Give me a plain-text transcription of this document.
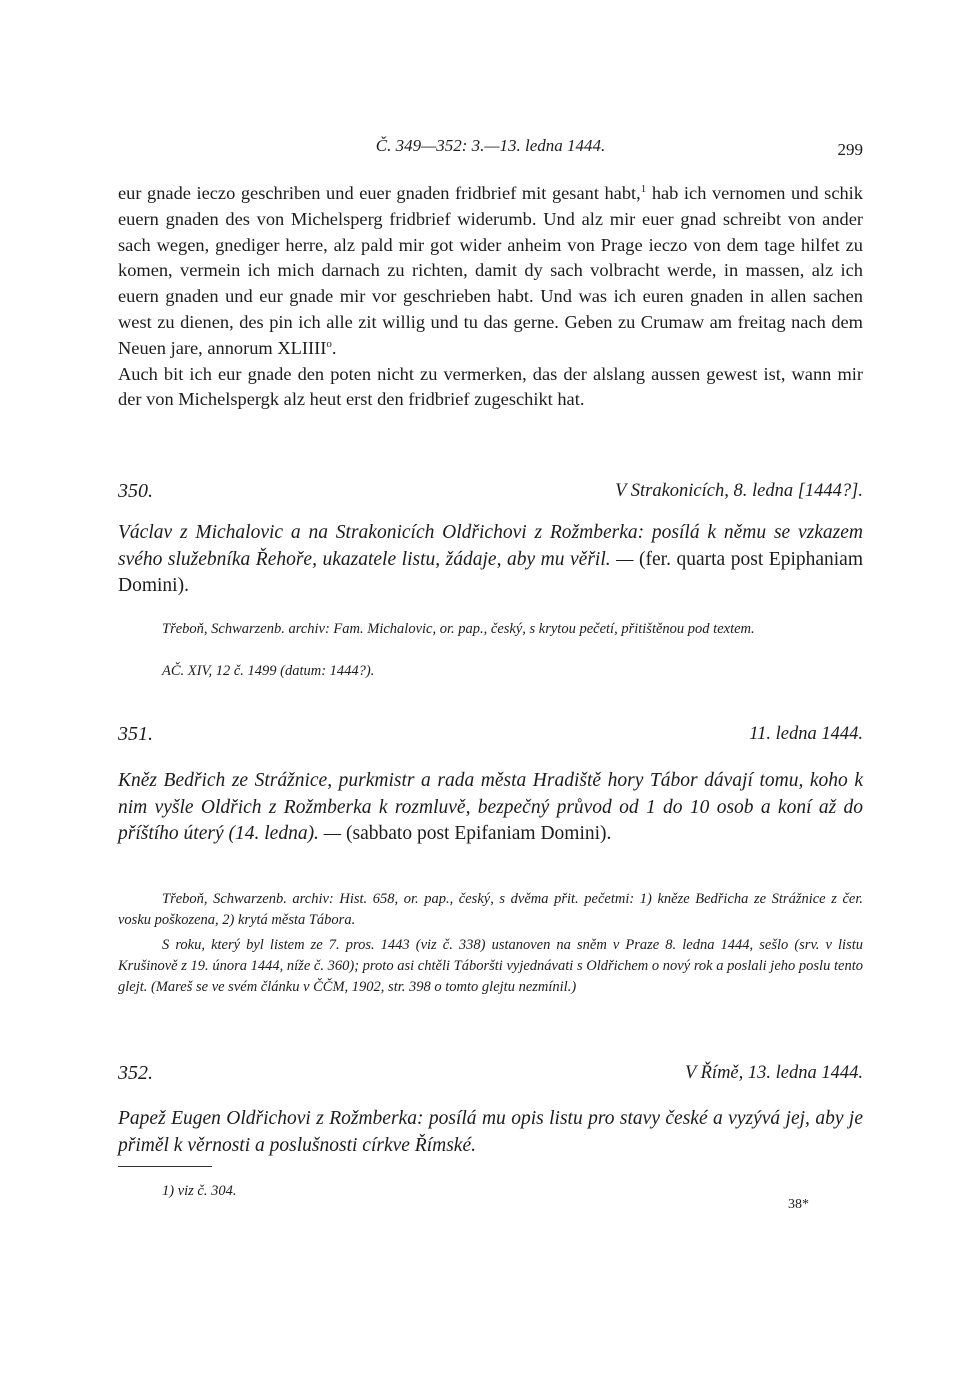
Č. 349—352: 3.—13. ledna 1444.	299

eur gnade ieczo geschriben und euer gnaden fridbrief mit gesant habt,$^1$ hab ich vernomen und schik euern gnaden des von Michelsperg fridbrief widerumb. Und alz mir euer gnad schreibt von ander sach wegen, gnediger herre, alz pald mir got wider anheim von Prage ieczo von dem tage hilfet zu komen, vermein ich mich darnach zu richten, damit dy sach volbracht werde, in massen, alz ich euern gnaden und eur gnade mir vor geschrieben habt. Und was ich euren gnaden in allen sachen west zu dienen, des pin ich alle zit willig und tu das gerne. Geben zu Crumaw am freitag nach dem Neuen jare, annorum XLIIII$^o$.
Auch bit ich eur gnade den poten nicht zu vermerken, das der alslang aussen gewest ist, wann mir der von Michelspergk alz heut erst den fridbrief zugeschikt hat.

350.	V Strakonicích, 8. ledna [1444?].

Václav z Michalovic a na Strakonicích Oldřichovi z Rožmberka: posílá k němu se vzkazem svého služebníka Řehoře, ukazatele listu, žádaje, aby mu věřil. — (fer. quarta post Epiphaniam Domini).

Třeboň, Schwarzenb. archiv: Fam. Michalovic, or. pap., český, s krytou pečetí, přitištěnou pod textem.

AČ. XIV, 12 č. 1499 (datum: 1444?).

351.	11. ledna 1444.

Kněz Bedřich ze Strážnice, purkmistr a rada města Hradiště hory Tábor dávají tomu, koho k nim vyšle Oldřich z Rožmberka k rozmluvě, bezpečný průvod od 1 do 10 osob a koní až do příštího úterý (14. ledna). — (sabbato post Epifaniam Domini).

Třeboň, Schwarzenb. archiv: Hist. 658, or. pap., český, s dvěma přit. pečetmi: 1) kněze Bedřicha ze Strážnice z čer. vosku poškozena, 2) krytá města Tábora.

S roku, který byl listem ze 7. pros. 1443 (viz č. 338) ustanoven na sněm v Praze 8. ledna 1444, sešlo (srv. v listu Krušinově z 19. února 1444, níže č. 360); proto asi chtěli Táboršti vyjednávati s Oldřichem o nový rok a poslali jeho poslu tento glejt. (Mareš se ve svém článku v ČČM, 1902, str. 398 o tomto glejtu nezmínil.)

352.	V Římě, 13. ledna 1444.

Papež Eugen Oldřichovi z Rožmberka: posílá mu opis listu pro stavy české a vyzývá jej, aby je přiměl k věrnosti a poslušnosti církve Římské.

1) viz č. 304.
38*
